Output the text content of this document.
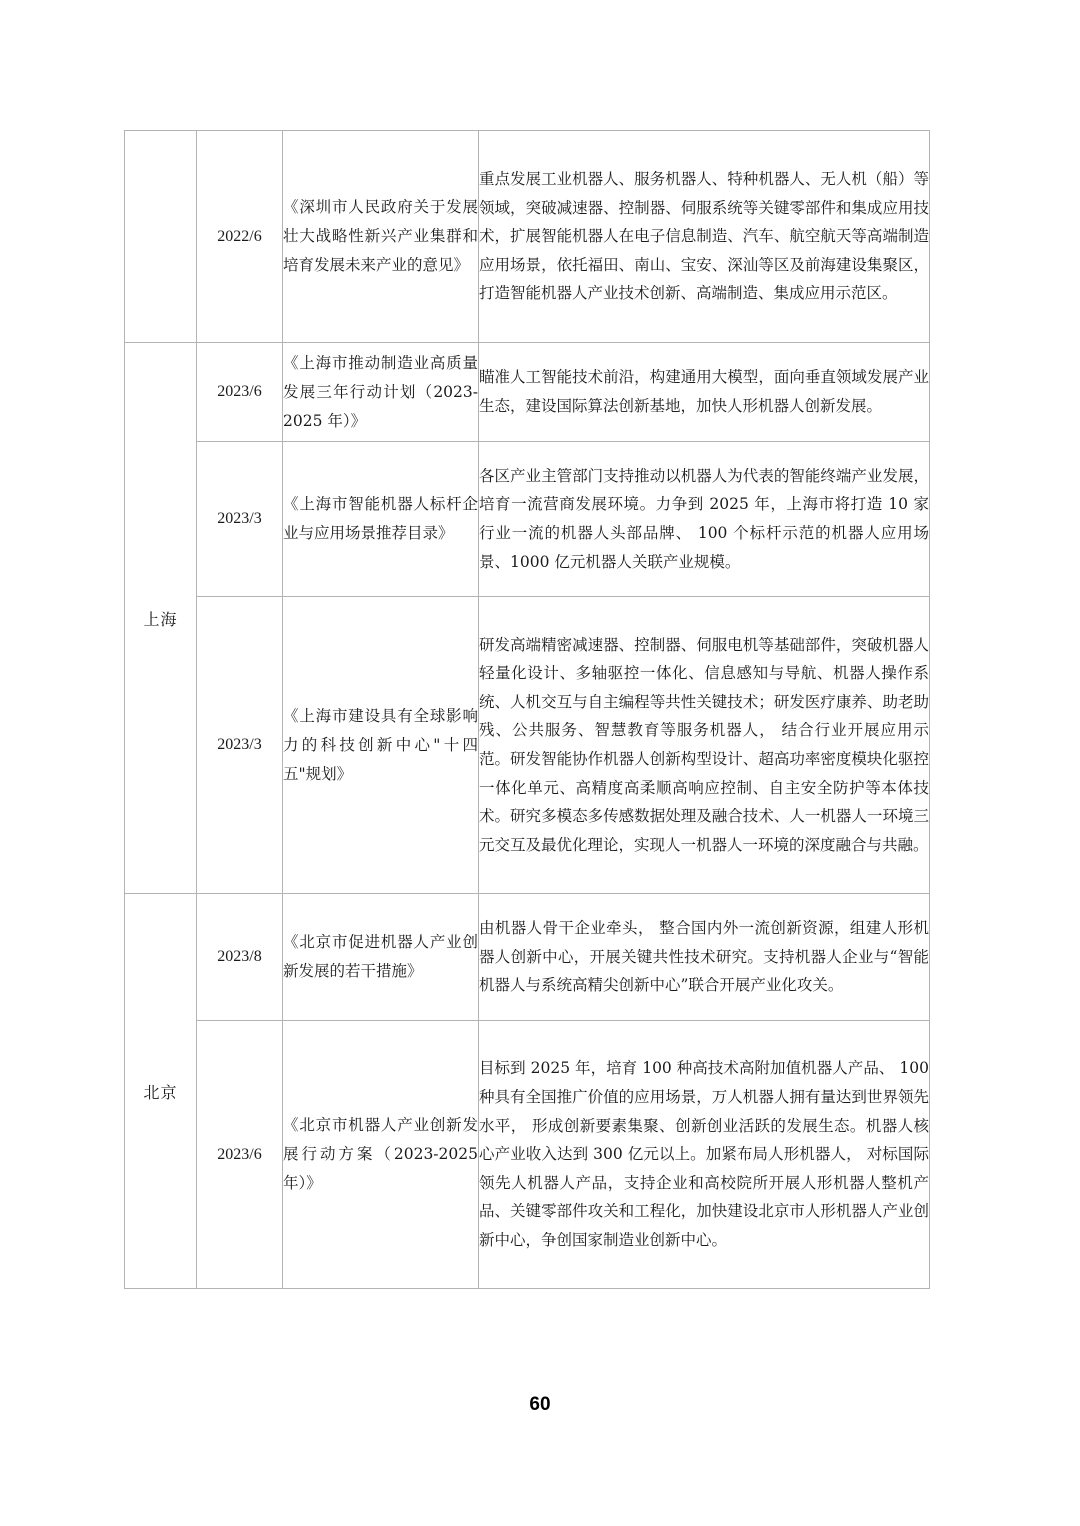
	2022/6	《深圳市人民政府关于发展壮大战略性新兴产业集群和培育发展未来产业的意见》	重点发展工业机器人、服务机器人、特种机器人、无人机（船）等领域，突破减速器、控制器、伺服系统等关键零部件和集成应用技术，扩展智能机器人在电子信息制造、汽车、航空航天等高端制造应用场景，依托福田、南山、宝安、深汕等区及前海建设集聚区，打造智能机器人产业技术创新、高端制造、集成应用示范区。
上海	2023/6	《上海市推动制造业高质量发展三年行动计划（2023-2025 年）》	瞄准人工智能技术前沿，构建通用大模型，面向垂直领域发展产业生态，建设国际算法创新基地，加快人形机器人创新发展。
	2023/3	《上海市智能机器人标杆企业与应用场景推荐目录》	各区产业主管部门支持推动以机器人为代表的智能终端产业发展，培育一流营商发展环境。力争到 2025 年，上海市将打造 10 家行业一流的机器人头部品牌、 100 个标杆示范的机器人应用场景、1000 亿元机器人关联产业规模。
	2023/3	《上海市建设具有全球影响力的科技创新中心"十四五"规划》	研发高端精密减速器、控制器、伺服电机等基础部件，突破机器人轻量化设计、多轴驱控一体化、信息感知与导航、机器人操作系统、人机交互与自主编程等共性关键技术；研发医疗康养、助老助残、公共服务、智慧教育等服务机器人， 结合行业开展应用示范。研发智能协作机器人创新构型设计、超高功率密度模块化驱控一体化单元、高精度高柔顺高响应控制、自主安全防护等本体技术。研究多模态多传感数据处理及融合技术、人一机器人一环境三元交互及最优化理论，实现人一机器人一环境的深度融合与共融。
北京	2023/8	《北京市促进机器人产业创新发展的若干措施》	由机器人骨干企业牵头， 整合国内外一流创新资源，组建人形机器人创新中心，开展关键共性技术研究。支持机器人企业与“智能机器人与系统高精尖创新中心”联合开展产业化攻关。
	2023/6	《北京市机器人产业创新发展行动方案（2023-2025 年）》	目标到 2025 年，培育 100 种高技术高附加值机器人产品、 100 种具有全国推广价值的应用场景，万人机器人拥有量达到世界领先水平， 形成创新要素集聚、创新创业活跃的发展生态。机器人核心产业收入达到 300 亿元以上。加紧布局人形机器人， 对标国际领先人机器人产品，支持企业和高校院所开展人形机器人整机产品、关键零部件攻关和工程化，加快建设北京市人形机器人产业创新中心，争创国家制造业创新中心。
60
